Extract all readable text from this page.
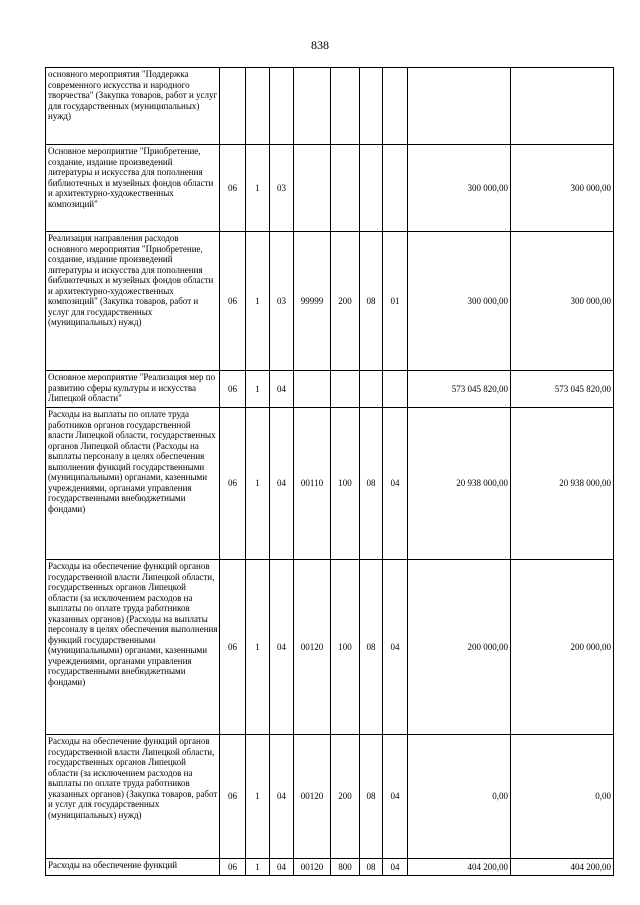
838
основного мероприятия "Поддержка современного искусства и народного творчества" (Закупка товаров, работ и услуг для государственных (муниципальных) нужд)									
Основное мероприятие "Приобретение, создание, издание произведений литературы и искусства для пополнения библиотечных и музейных фондов области и архитектурно-художественных композиций"	06	1	03					300 000,00	300 000,00
Реализация направления расходов основного мероприятия "Приобретение, создание, издание произведений литературы и искусства для пополнения библиотечных и музейных фондов области и архитектурно-художественных композиций" (Закупка товаров, работ и услуг для государственных (муниципальных) нужд)	06	1	03	99999	200	08	01	300 000,00	300 000,00
Основное мероприятие "Реализация мер по развитию сферы культуры и искусства Липецкой области"	06	1	04					573 045 820,00	573 045 820,00
Расходы на выплаты по оплате труда работников органов государственной власти Липецкой области, государственных органов Липецкой области (Расходы на выплаты персоналу в целях обеспечения выполнения функций государственными (муниципальными) органами, казенными учреждениями, органами управления государственными внебюджетными фондами)	06	1	04	00110	100	08	04	20 938 000,00	20 938 000,00
Расходы на обеспечение функций органов государственной власти Липецкой области, государственных органов Липецкой области (за исключением расходов на выплаты по оплате труда работников указанных органов) (Расходы на выплаты персоналу в целях обеспечения выполнения функций государственными (муниципальными) органами, казенными учреждениями, органами управления государственными внебюджетными фондами)	06	1	04	00120	100	08	04	200 000,00	200 000,00
Расходы на обеспечение функций органов государственной власти Липецкой области, государственных органов Липецкой области (за исключением расходов на выплаты по оплате труда работников указанных органов) (Закупка товаров, работ и услуг для государственных (муниципальных) нужд)	06	1	04	00120	200	08	04	0,00	0,00
Расходы на обеспечение функций	06	1	04	00120	800	08	04	404 200,00	404 200,00
